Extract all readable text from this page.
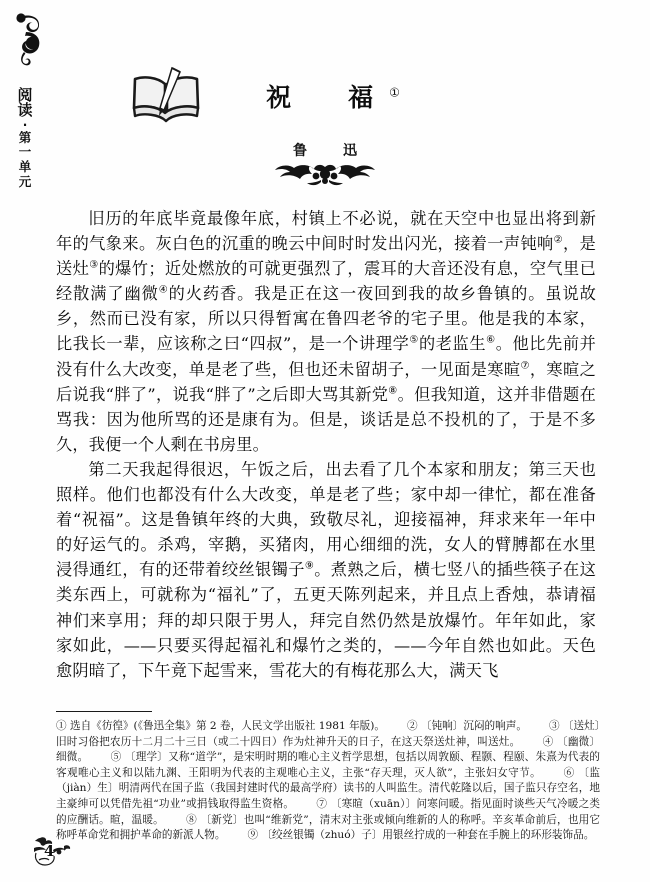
阅
读
·
第
一
单
元
祝　福①
鲁　迅

旧历的年底毕竟最像年底，村镇上不必说，就在天空中也显出将到新年的气象来。灰白色的沉重的晚云中间时时发出闪光，接着一声钝响②，是送灶③的爆竹；近处燃放的可就更强烈了，震耳的大音还没有息，空气里已经散满了幽微④的火药香。我是正在这一夜回到我的故乡鲁镇的。虽说故乡，然而已没有家，所以只得暂寓在鲁四老爷的宅子里。他是我的本家，比我长一辈，应该称之曰“四叔”，是一个讲理学⑤的老监生⑥。他比先前并没有什么大改变，单是老了些，但也还未留胡子，一见面是寒暄⑦，寒暄之后说我“胖了”，说我“胖了”之后即大骂其新党⑧。但我知道，这并非借题在骂我：因为他所骂的还是康有为。但是，谈话是总不投机的了，于是不多久，我便一个人剩在书房里。

第二天我起得很迟，午饭之后，出去看了几个本家和朋友；第三天也照样。他们也都没有什么大改变，单是老了些；家中却一律忙，都在准备着“祝福”。这是鲁镇年终的大典，致敬尽礼，迎接福神，拜求来年一年中的好运气的。杀鸡，宰鹅，买猪肉，用心细细的洗，女人的臂膊都在水里浸得通红，有的还带着绞丝银镯子⑨。煮熟之后，横七竖八的插些筷子在这类东西上，可就称为“福礼”了，五更天陈列起来，并且点上香烛，恭请福神们来享用；拜的却只限于男人，拜完自然仍然是放爆竹。年年如此，家家如此，——只要买得起福礼和爆竹之类的，——今年自然也如此。天色愈阴暗了，下午竟下起雪来，雪花大的有梅花那么大，满天飞

① 选自《彷徨》(《鲁迅全集》第 2 卷，人民文学出版社 1981 年版)。 ② 〔钝响〕沉闷的响声。 ③ 〔送灶〕旧时习俗把农历十二月二十三日（或二十四日）作为灶神升天的日子，在这天祭送灶神，叫送灶。 ④ 〔幽微〕细微。 ⑤ 〔理学〕又称“道学”，是宋明时期的唯心主义哲学思想，包括以周敦颐、程颢、程颐、朱熹为代表的客观唯心主义和以陆九渊、王阳明为代表的主观唯心主义，主张“存天理，灭人欲”，主张妇女守节。 ⑥ 〔监（jiàn）生〕明清两代在国子监（我国封建时代的最高学府）读书的人叫监生。清代乾隆以后，国子监只存空名，地主豪绅可以凭借先祖“功业”或捐钱取得监生资格。 ⑦ 〔寒暄（xuān）〕问寒问暖。指见面时谈些天气冷暖之类的应酬话。暄，温暖。 ⑧ 〔新党〕也叫“维新党”，清末对主张或倾向维新的人的称呼。辛亥革命前后，也用它称呼革命党和拥护革命的新派人物。 ⑨ 〔绞丝银镯（zhuó）子〕用银丝拧成的一种套在手腕上的环形装饰品。
4
